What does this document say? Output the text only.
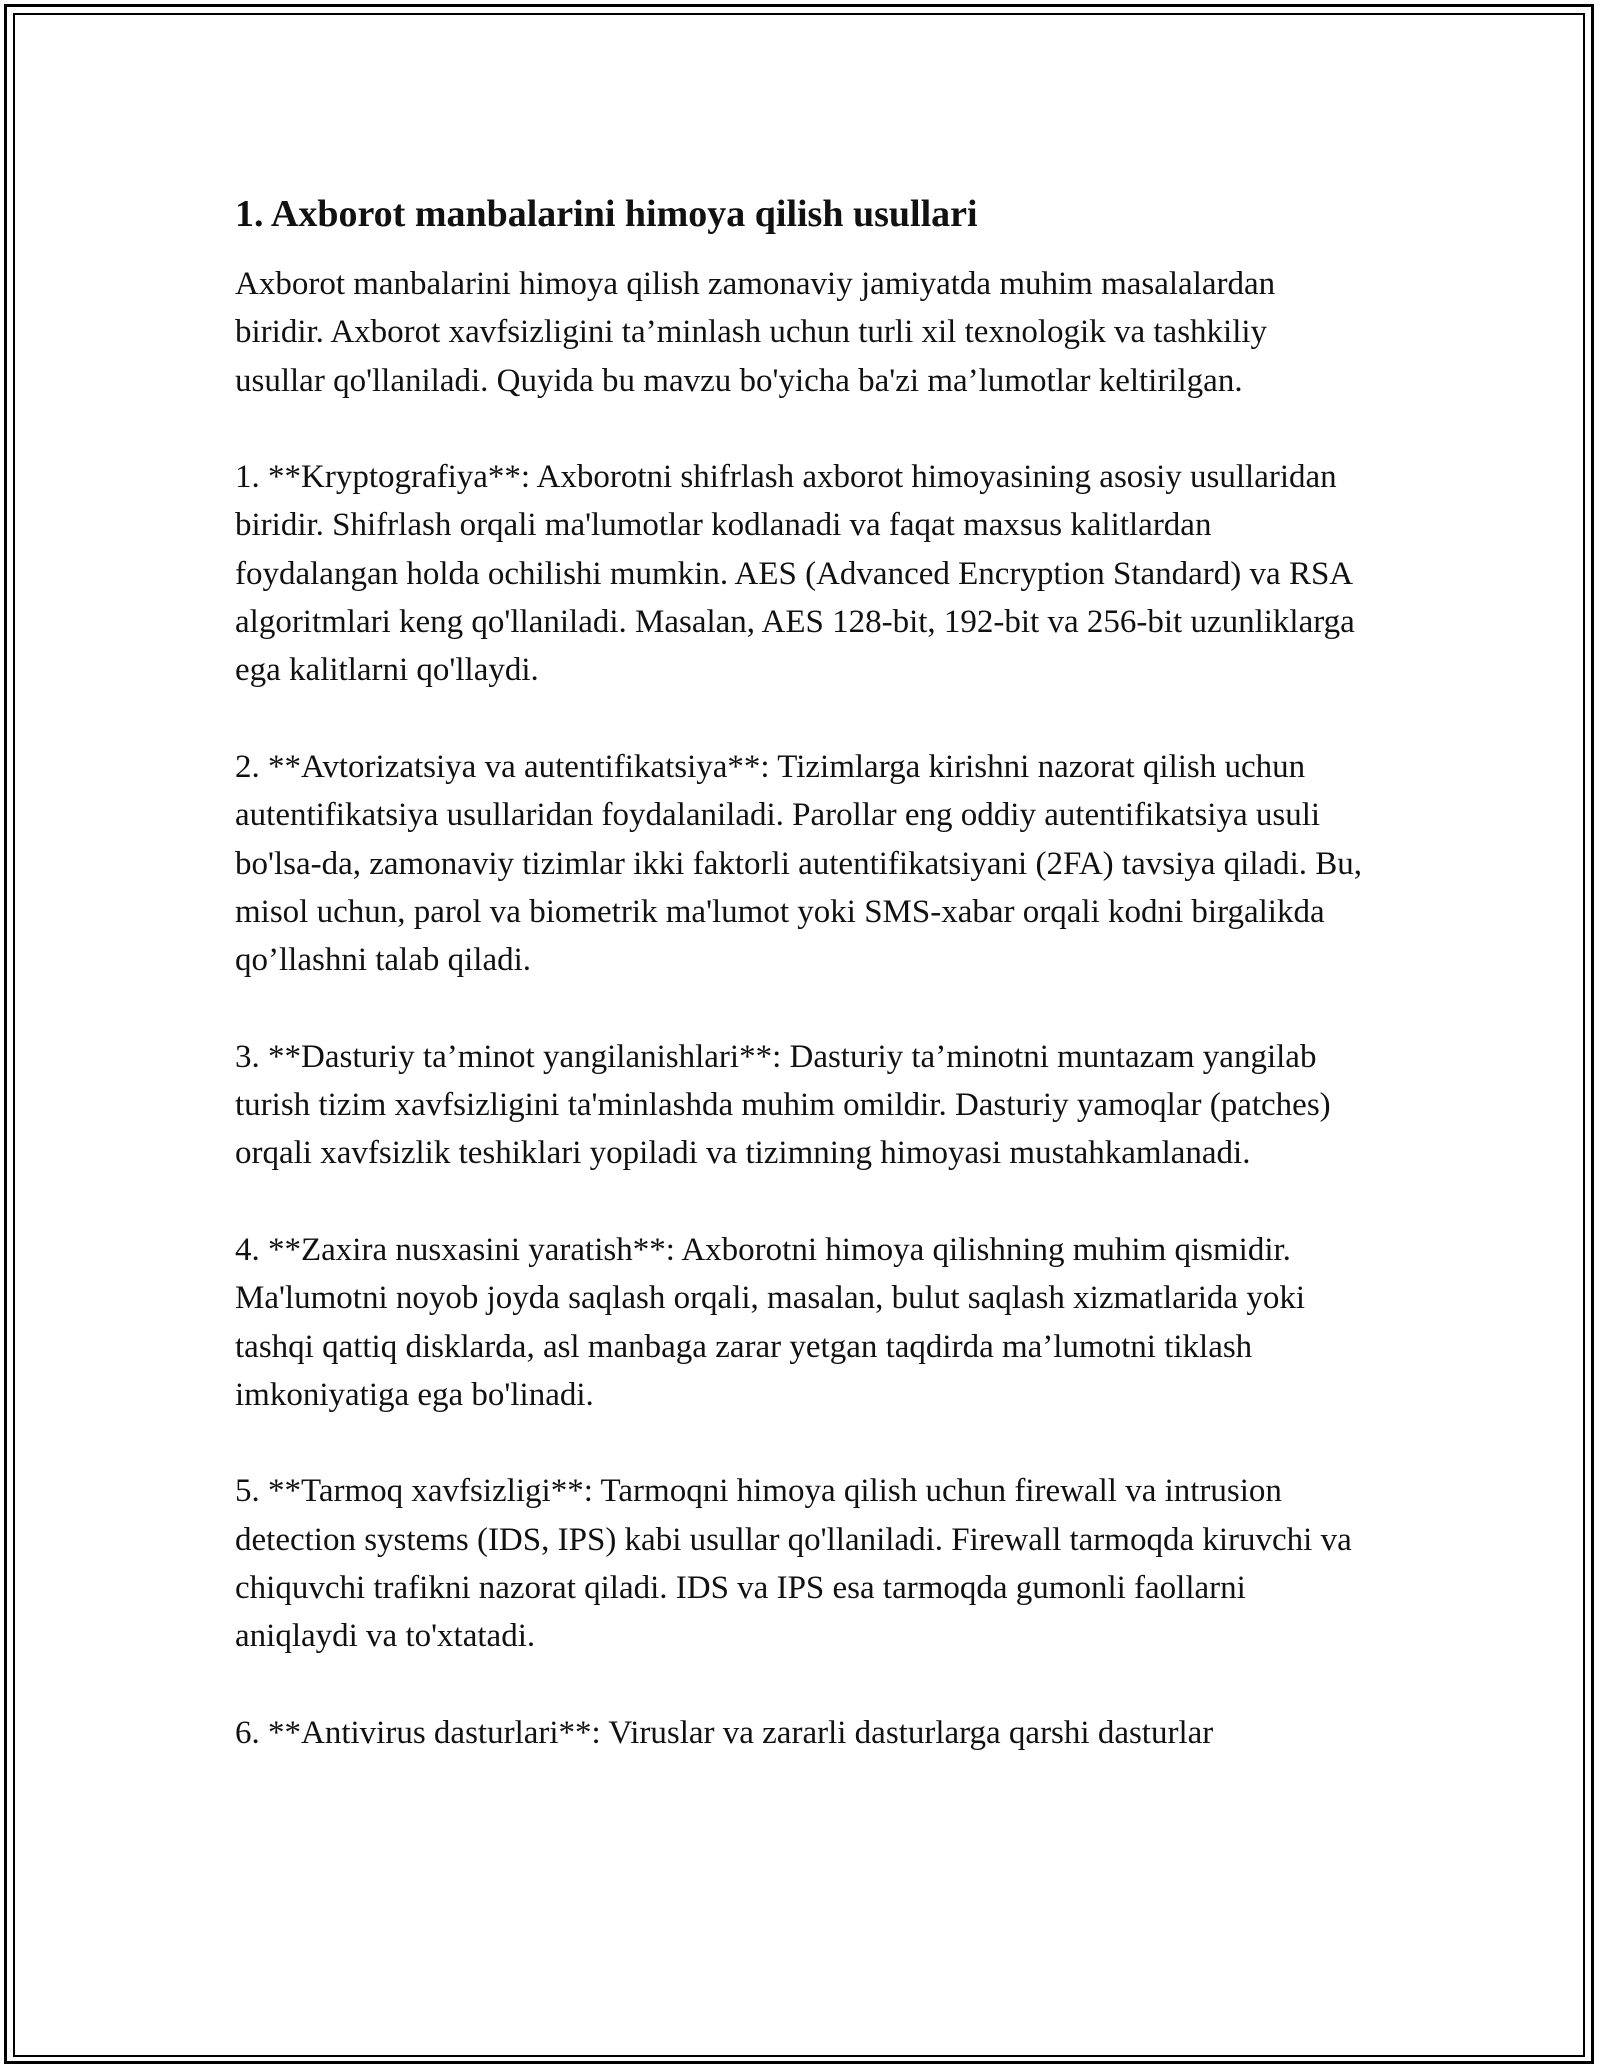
1. Axborot manbalarini himoya qilish usullari

Axborot manbalarini himoya qilish zamonaviy jamiyatda muhim masalalardan biridir. Axborot xavfsizligini ta’minlash uchun turli xil texnologik va tashkiliy usullar qo'llaniladi. Quyida bu mavzu bo'yicha ba'zi ma’lumotlar keltirilgan.

1. **Kryptografiya**: Axborotni shifrlash axborot himoyasining asosiy usullaridan biridir. Shifrlash orqali ma'lumotlar kodlanadi va faqat maxsus kalitlardan foydalangan holda ochilishi mumkin. AES (Advanced Encryption Standard) va RSA algoritmlari keng qo'llaniladi. Masalan, AES 128-bit, 192-bit va 256-bit uzunliklarga ega kalitlarni qo'llaydi.

2. **Avtorizatsiya va autentifikatsiya**: Tizimlarga kirishni nazorat qilish uchun autentifikatsiya usullaridan foydalaniladi. Parollar eng oddiy autentifikatsiya usuli bo'lsa-da, zamonaviy tizimlar ikki faktorli autentifikatsiyani (2FA) tavsiya qiladi. Bu, misol uchun, parol va biometrik ma'lumot yoki SMS-xabar orqali kodni birgalikda qo’llashni talab qiladi.

3. **Dasturiy ta’minot yangilanishlari**: Dasturiy ta’minotni muntazam yangilab turish tizim xavfsizligini ta'minlashda muhim omildir. Dasturiy yamoqlar (patches) orqali xavfsizlik teshiklari yopiladi va tizimning himoyasi mustahkamlanadi.

4. **Zaxira nusxasini yaratish**: Axborotni himoya qilishning muhim qismidir. Ma'lumotni noyob joyda saqlash orqali, masalan, bulut saqlash xizmatlarida yoki tashqi qattiq disklarda, asl manbaga zarar yetgan taqdirda ma’lumotni tiklash imkoniyatiga ega bo'linadi.

5. **Tarmoq xavfsizligi**: Tarmoqni himoya qilish uchun firewall va intrusion detection systems (IDS, IPS) kabi usullar qo'llaniladi. Firewall tarmoqda kiruvchi va chiquvchi trafikni nazorat qiladi. IDS va IPS esa tarmoqda gumonli faollarni aniqlaydi va to'xtatadi.

6. **Antivirus dasturlari**: Viruslar va zararli dasturlarga qarshi dasturlar
